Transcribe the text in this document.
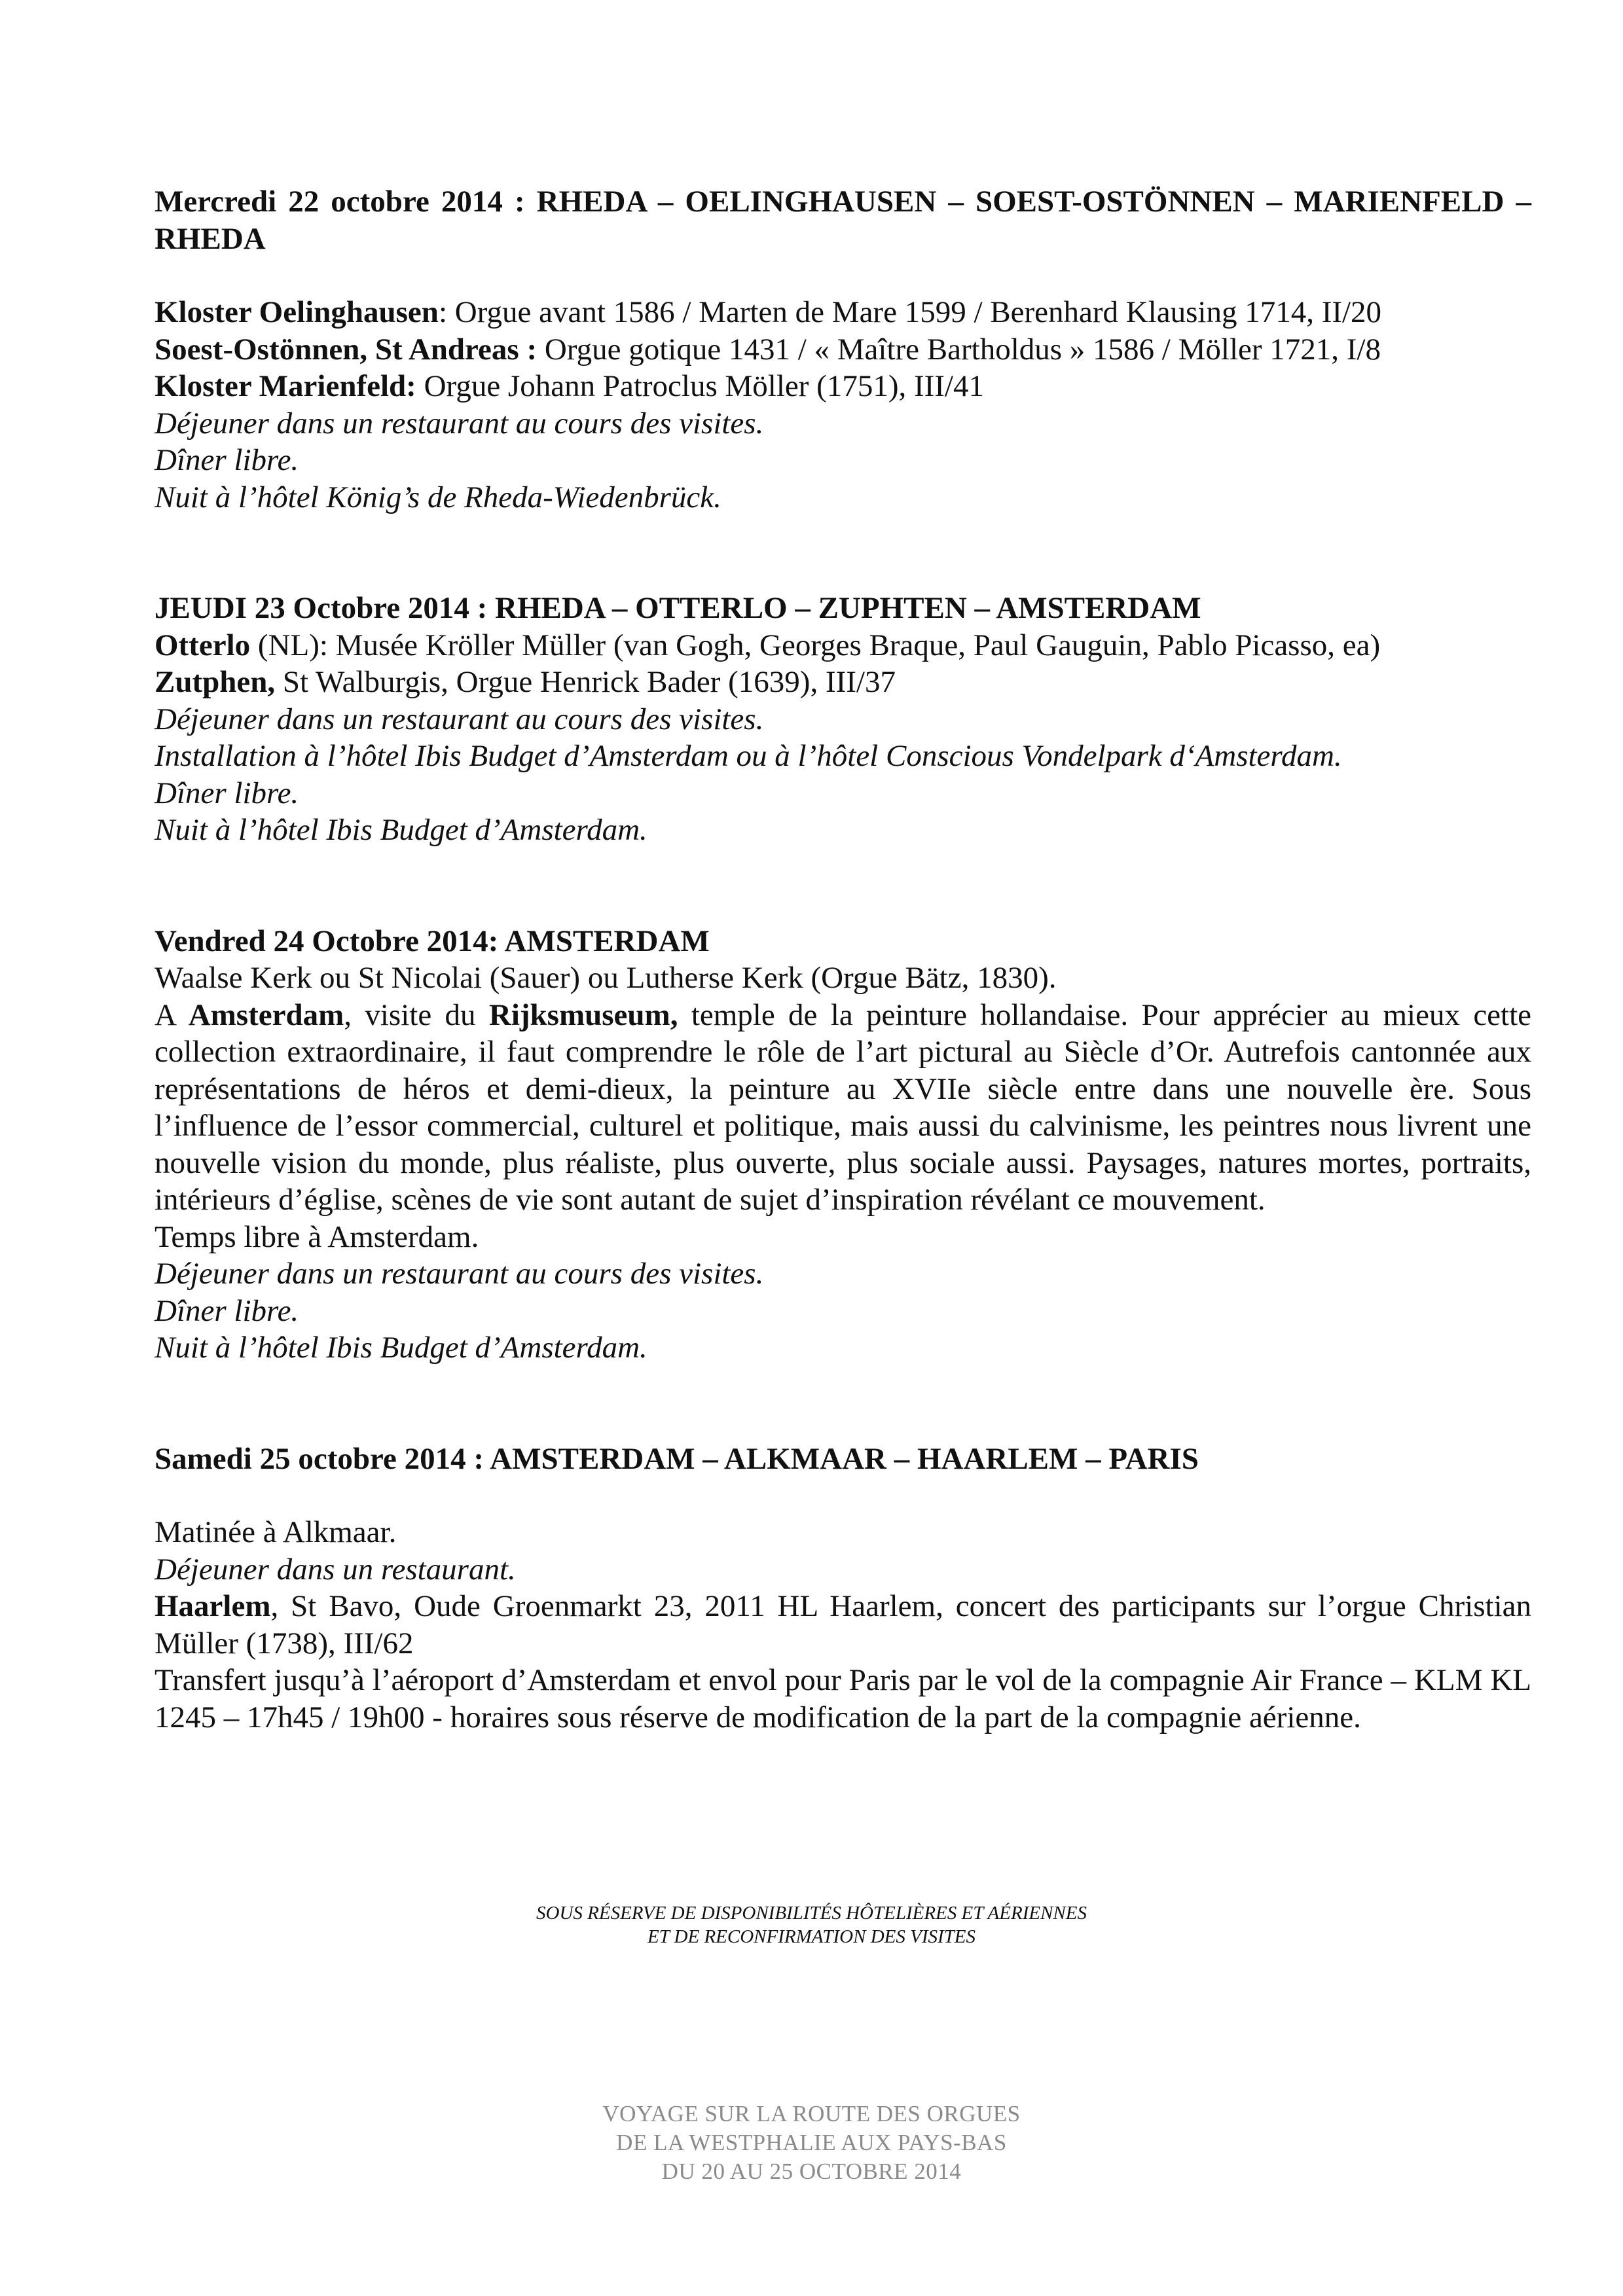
Mercredi 22 octobre 2014 : RHEDA – OELINGHAUSEN – SOEST-OSTÖNNEN – MARIENFELD – RHEDA

Kloster Oelinghausen: Orgue avant 1586 / Marten de Mare 1599 / Berenhard Klausing 1714, II/20

Soest-Ostönnen, St Andreas : Orgue gotique 1431 / « Maître Bartholdus » 1586 / Möller 1721, I/8

Kloster Marienfeld: Orgue Johann Patroclus Möller (1751), III/41

Déjeuner dans un restaurant au cours des visites.

Dîner libre.

Nuit à l’hôtel König’s de Rheda-Wiedenbrück.

JEUDI 23 Octobre 2014 : RHEDA – OTTERLO – ZUPHTEN – AMSTERDAM

Otterlo (NL): Musée Kröller Müller (van Gogh, Georges Braque, Paul Gauguin, Pablo Picasso, ea)

Zutphen, St Walburgis, Orgue Henrick Bader (1639), III/37

Déjeuner dans un restaurant au cours des visites.

Installation à l’hôtel Ibis Budget d’Amsterdam ou à l’hôtel Conscious Vondelpark d‘Amsterdam.

Dîner libre.

Nuit à l’hôtel Ibis Budget d’Amsterdam.

Vendred 24 Octobre 2014: AMSTERDAM

Waalse Kerk ou St Nicolai (Sauer) ou Lutherse Kerk (Orgue Bätz, 1830).

A Amsterdam, visite du Rijksmuseum, temple de la peinture hollandaise. Pour apprécier au mieux cette collection extraordinaire, il faut comprendre le rôle de l’art pictural au Siècle d’Or. Autrefois cantonnée aux représentations de héros et demi-dieux, la peinture au XVIIe siècle entre dans une nouvelle ère. Sous l’influence de l’essor commercial, culturel et politique, mais aussi du calvinisme, les peintres nous livrent une nouvelle vision du monde, plus réaliste, plus ouverte, plus sociale aussi. Paysages, natures mortes, portraits, intérieurs d’église, scènes de vie sont autant de sujet d’inspiration révélant ce mouvement.

Temps libre à Amsterdam.

Déjeuner dans un restaurant au cours des visites.

Dîner libre.

Nuit à l’hôtel Ibis Budget d’Amsterdam.

Samedi 25 octobre 2014 : AMSTERDAM – ALKMAAR – HAARLEM – PARIS

Matinée à Alkmaar.

Déjeuner dans un restaurant.

Haarlem, St Bavo, Oude Groenmarkt 23, 2011 HL Haarlem, concert des participants sur l’orgue Christian Müller (1738), III/62

Transfert jusqu’à l’aéroport d’Amsterdam et envol pour Paris par le vol de la compagnie Air France – KLM KL 1245 – 17h45 / 19h00 - horaires sous réserve de modification de la part de la compagnie aérienne.

SOUS RÉSERVE DE DISPONIBILITÉS HÔTELIÈRES ET AÉRIENNES
ET DE RECONFIRMATION DES VISITES
VOYAGE SUR LA ROUTE DES ORGUES
DE LA WESTPHALIE AUX PAYS-BAS
DU 20 AU 25 OCTOBRE 2014
